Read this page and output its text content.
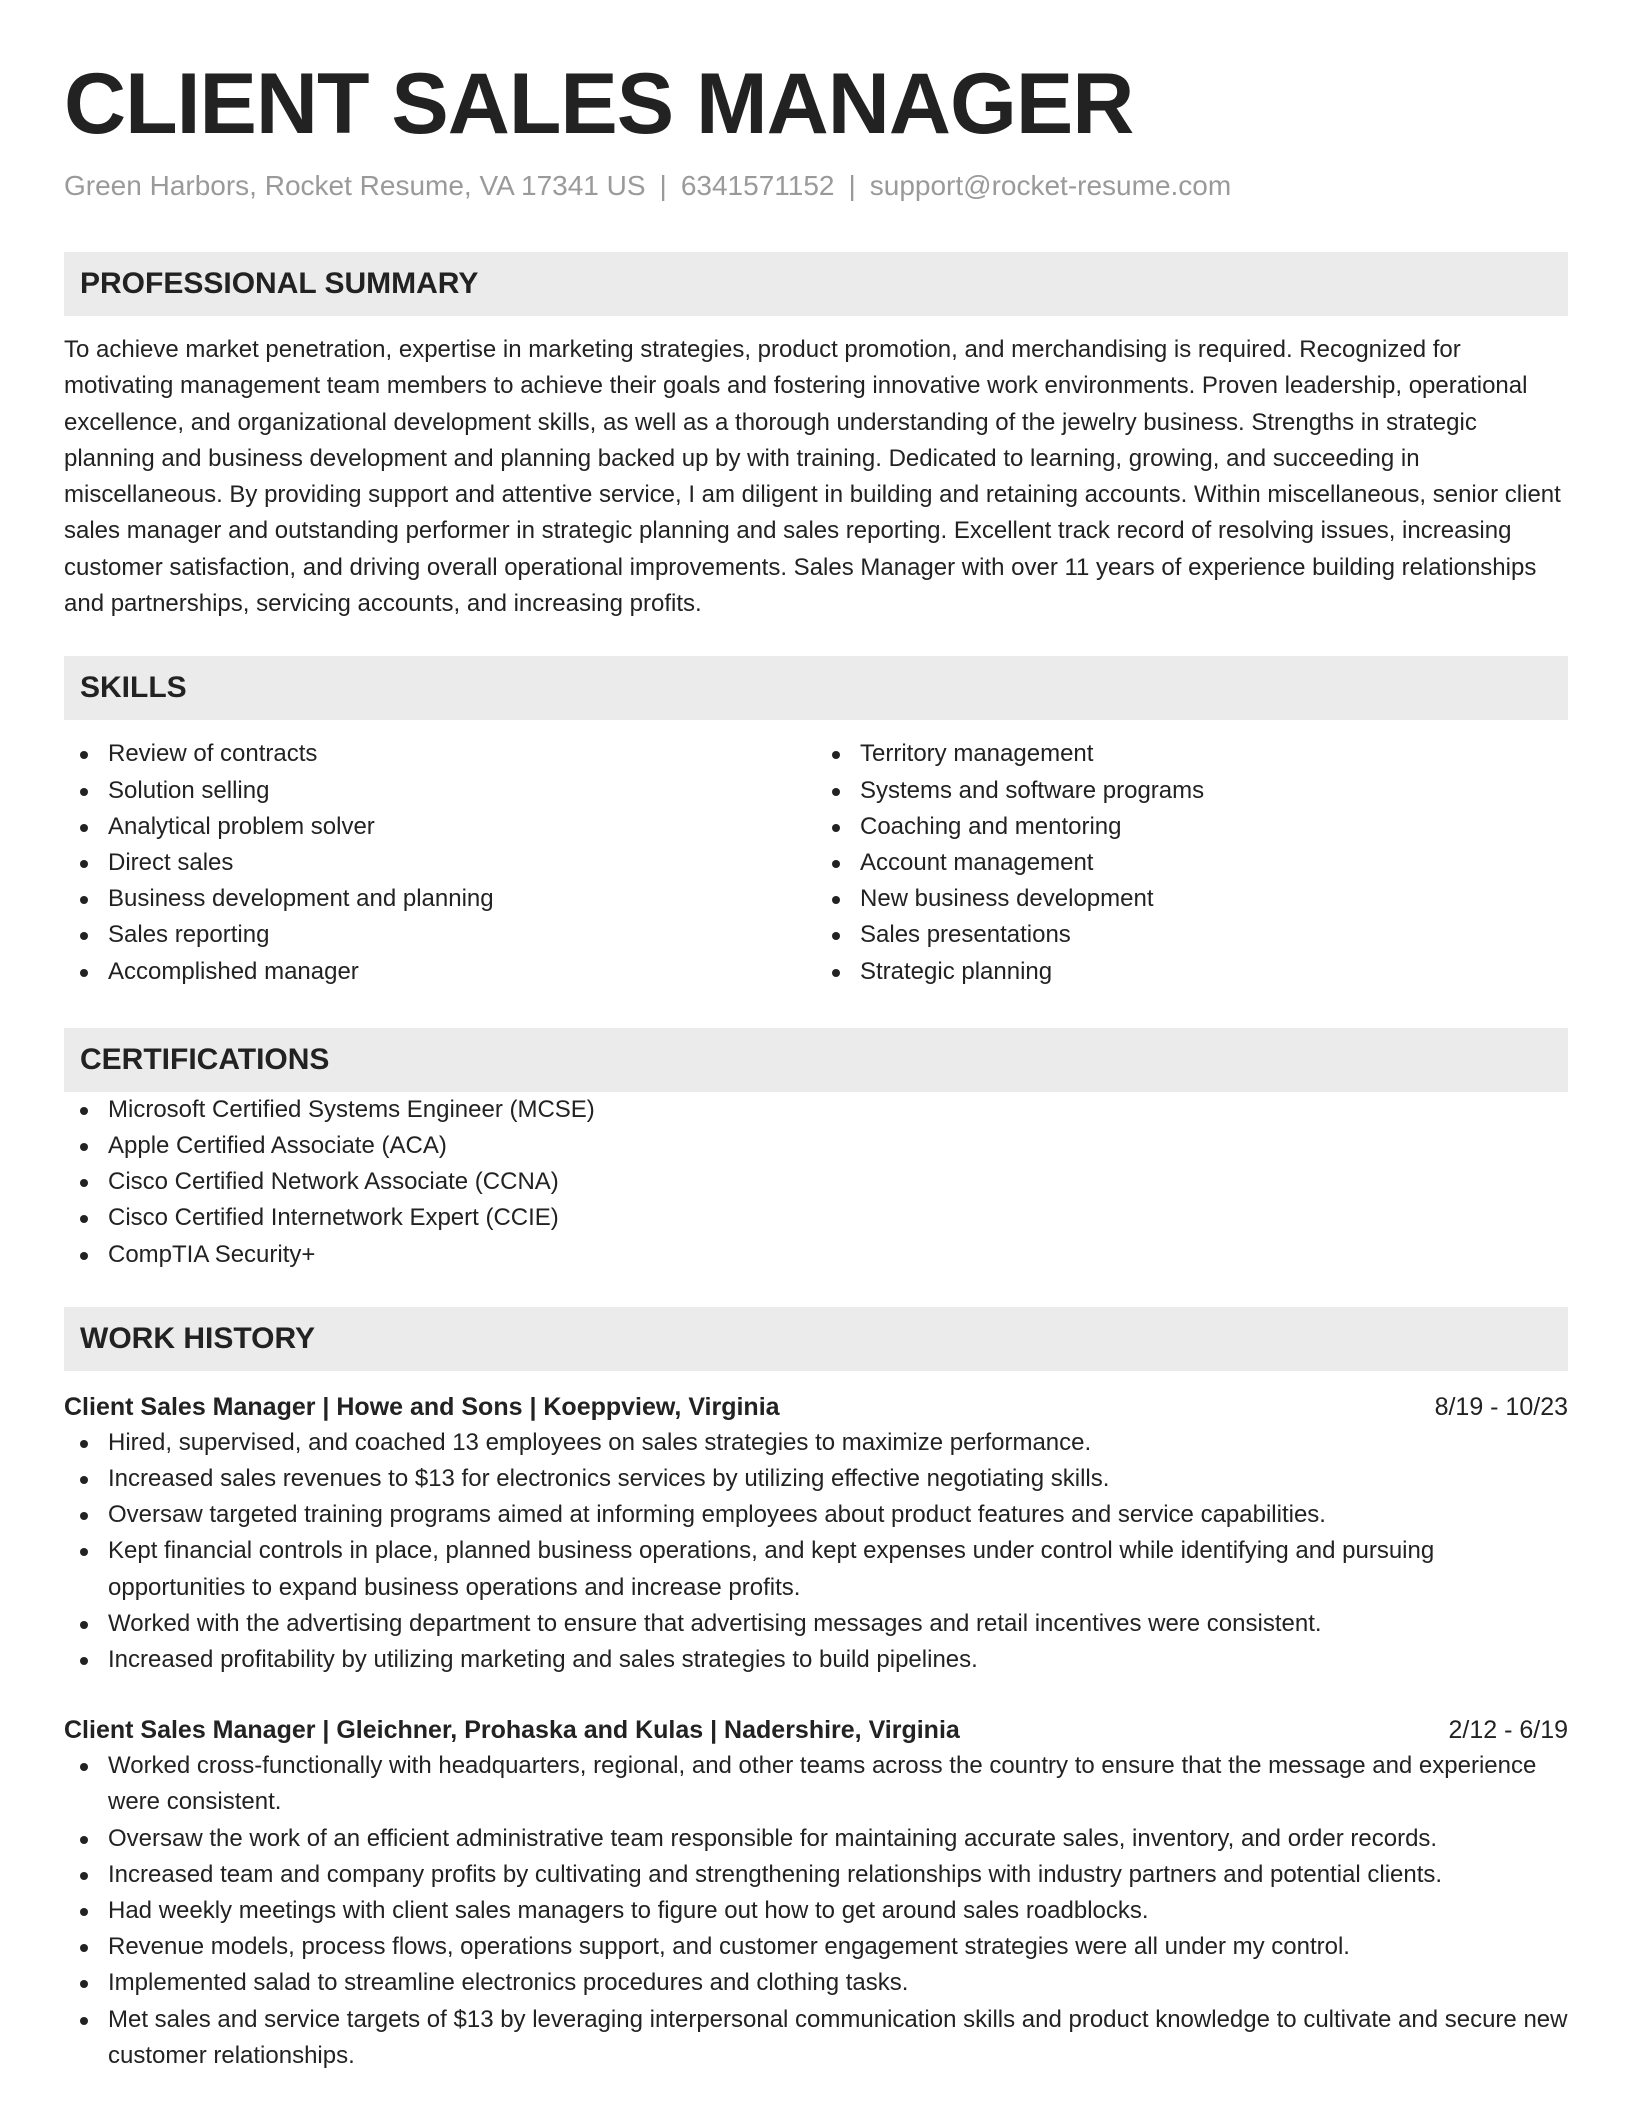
CLIENT SALES MANAGER
Green Harbors, Rocket Resume, VA 17341 US | 6341571152 | support@rocket-resume.com
PROFESSIONAL SUMMARY

To achieve market penetration, expertise in marketing strategies, product promotion, and merchandising is required. Recognized for motivating management team members to achieve their goals and fostering innovative work environments. Proven leadership, operational excellence, and organizational development skills, as well as a thorough understanding of the jewelry business. Strengths in strategic planning and business development and planning backed up by with training. Dedicated to learning, growing, and succeeding in miscellaneous. By providing support and attentive service, I am diligent in building and retaining accounts. Within miscellaneous, senior client sales manager and outstanding performer in strategic planning and sales reporting. Excellent track record of resolving issues, increasing customer satisfaction, and driving overall operational improvements. Sales Manager with over 11 years of experience building relationships and partnerships, servicing accounts, and increasing profits.

SKILLS
Review of contracts
Solution selling
Analytical problem solver
Direct sales
Business development and planning
Sales reporting
Accomplished manager
Territory management
Systems and software programs
Coaching and mentoring
Account management
New business development
Sales presentations
Strategic planning
CERTIFICATIONS
Microsoft Certified Systems Engineer (MCSE)
Apple Certified Associate (ACA)
Cisco Certified Network Associate (CCNA)
Cisco Certified Internetwork Expert (CCIE)
CompTIA Security+
WORK HISTORY
Client Sales Manager | Howe and Sons | Koeppview, Virginia	8/19 - 10/23
Hired, supervised, and coached 13 employees on sales strategies to maximize performance.
Increased sales revenues to $13 for electronics services by utilizing effective negotiating skills.
Oversaw targeted training programs aimed at informing employees about product features and service capabilities.
Kept financial controls in place, planned business operations, and kept expenses under control while identifying and pursuing opportunities to expand business operations and increase profits.
Worked with the advertising department to ensure that advertising messages and retail incentives were consistent.
Increased profitability by utilizing marketing and sales strategies to build pipelines.
Client Sales Manager | Gleichner, Prohaska and Kulas | Nadershire, Virginia	2/12 - 6/19
Worked cross-functionally with headquarters, regional, and other teams across the country to ensure that the message and experience were consistent.
Oversaw the work of an efficient administrative team responsible for maintaining accurate sales, inventory, and order records.
Increased team and company profits by cultivating and strengthening relationships with industry partners and potential clients.
Had weekly meetings with client sales managers to figure out how to get around sales roadblocks.
Revenue models, process flows, operations support, and customer engagement strategies were all under my control.
Implemented salad to streamline electronics procedures and clothing tasks.
Met sales and service targets of $13 by leveraging interpersonal communication skills and product knowledge to cultivate and secure new customer relationships.
